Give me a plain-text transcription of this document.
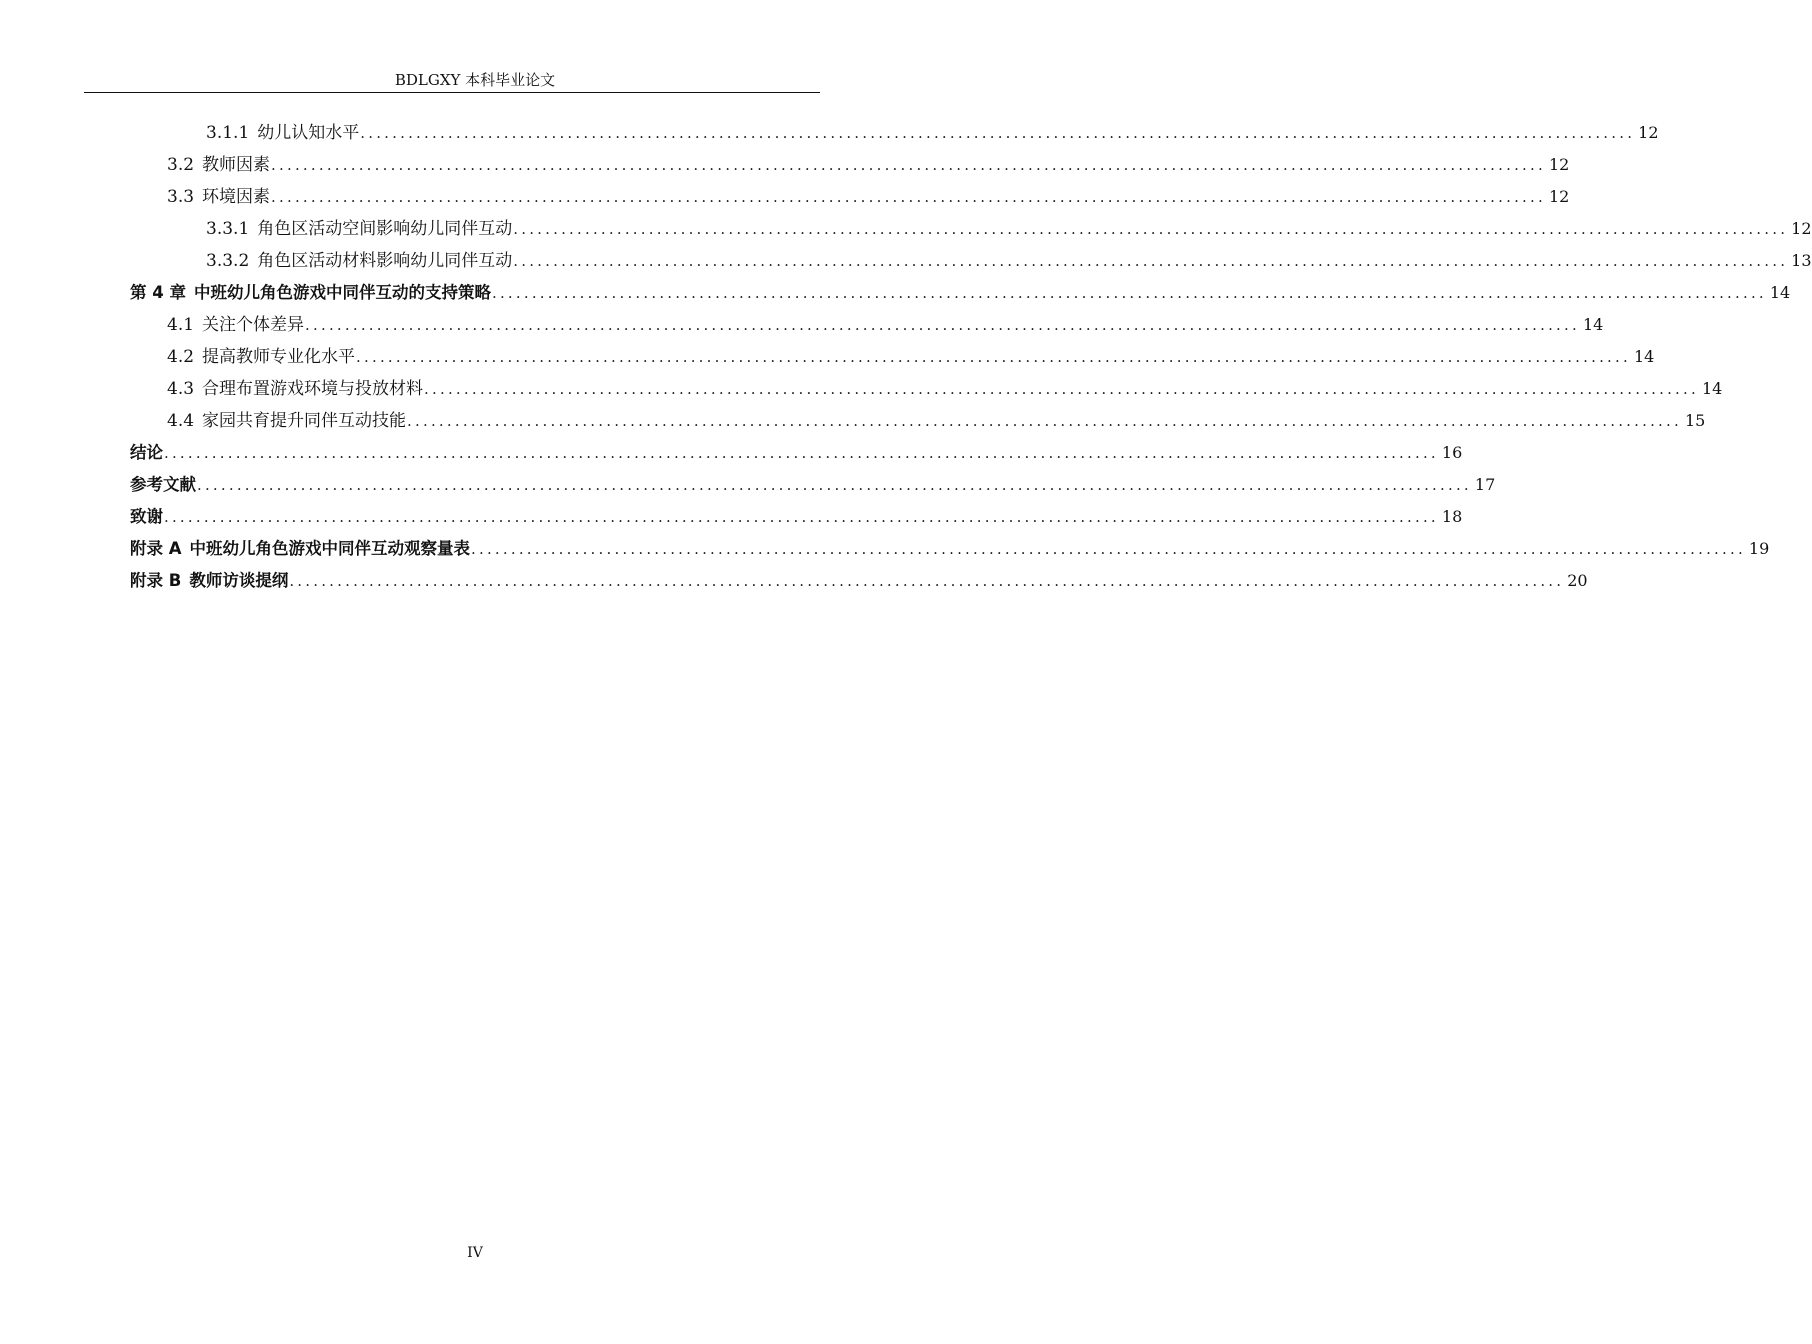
BDLGXY 本科毕业论文
3.1.1 幼儿认知水平 ................................................................................................................................................................ 12
3.2 教师因素 ................................................................................................................................................................ 12
3.3 环境因素 ................................................................................................................................................................ 12
3.3.1 角色区活动空间影响幼儿同伴互动 ................................................................................................................................................................ 12
3.3.2 角色区活动材料影响幼儿同伴互动 ................................................................................................................................................................ 13
第 4 章 中班幼儿角色游戏中同伴互动的支持策略 ................................................................................................................................................................ 14
4.1 关注个体差异 ................................................................................................................................................................ 14
4.2 提高教师专业化水平 ................................................................................................................................................................ 14
4.3 合理布置游戏环境与投放材料 ................................................................................................................................................................ 14
4.4 家园共育提升同伴互动技能 ................................................................................................................................................................ 15
结论 ................................................................................................................................................................ 16
参考文献 ................................................................................................................................................................ 17
致谢 ................................................................................................................................................................ 18
附录 A 中班幼儿角色游戏中同伴互动观察量表 ................................................................................................................................................................ 19
附录 B 教师访谈提纲 ................................................................................................................................................................ 20
IV
